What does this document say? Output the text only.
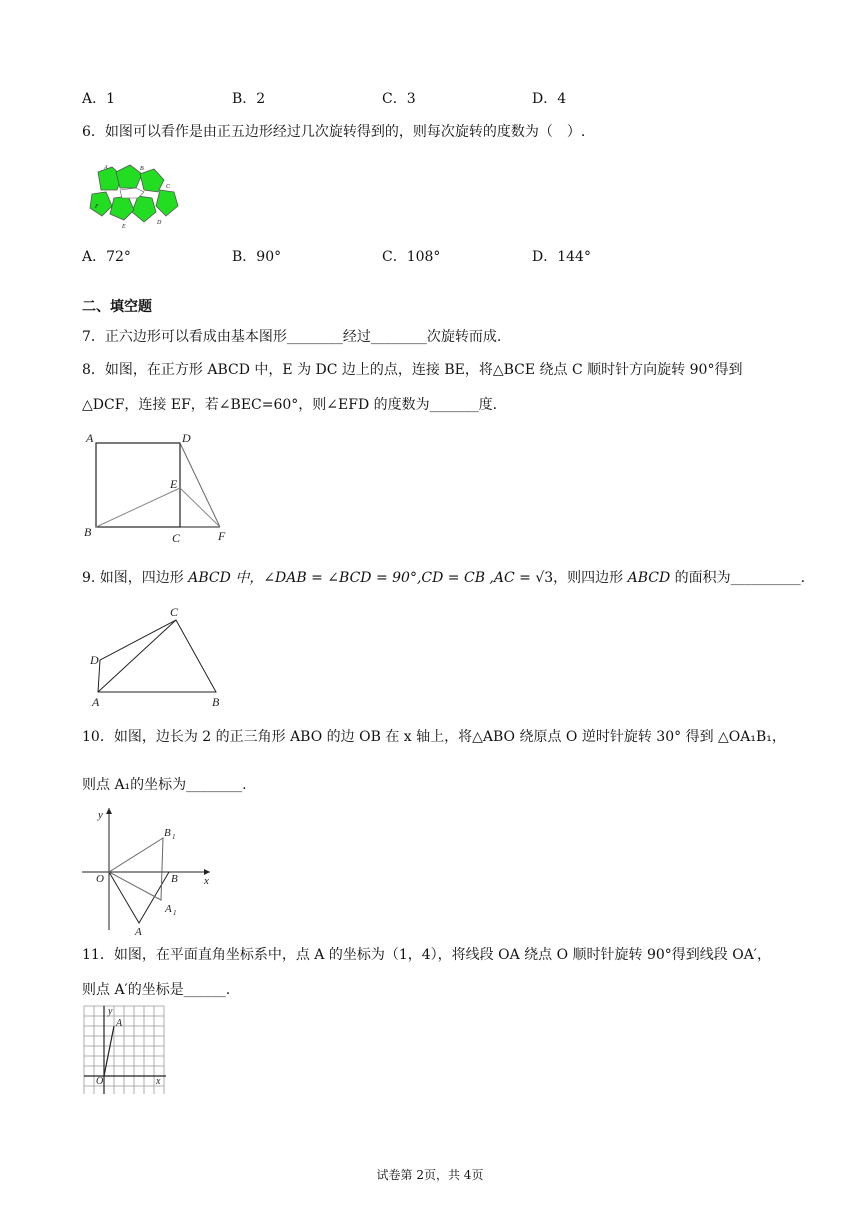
A．1	B．2	C．3	D．4
6．如图可以看作是由正五边形经过几次旋转得到的，则每次旋转的度数为（　）.
A	B
C
D
E
F
A．72°	B．90°	C．108°	D．144°
二、填空题
7．正六边形可以看成由基本图形________经过________次旋转而成.
8．如图，在正方形 ABCD 中，E 为 DC 边上的点，连接 BE，将△BCE 绕点 C 顺时针方向旋转 90°得到
△DCF，连接 EF，若∠BEC=60°，则∠EFD 的度数为_______度.
A	D
E
B	C	F
9. 如图，四边形 ABCD 中，∠DAB = ∠BCD = 90°,CD = CB ,AC = √3，则四边形 ABCD 的面积为__________.
C
D
A	B
10．如图，边长为 2 的正三角形 ABO 的边 OB 在 x 轴上，将△ABO 绕原点 O 逆时针旋转 30° 得到 △OA₁B₁，
则点 A₁的坐标为________.
y
B 1
O	B x
A 1
A
11．如图，在平面直角坐标系中，点 A 的坐标为（1，4），将线段 OA 绕点 O 顺时针旋转 90°得到线段 OA′，
则点 A′的坐标是______.
y
A
O	x
试卷第 2页，共 4页
